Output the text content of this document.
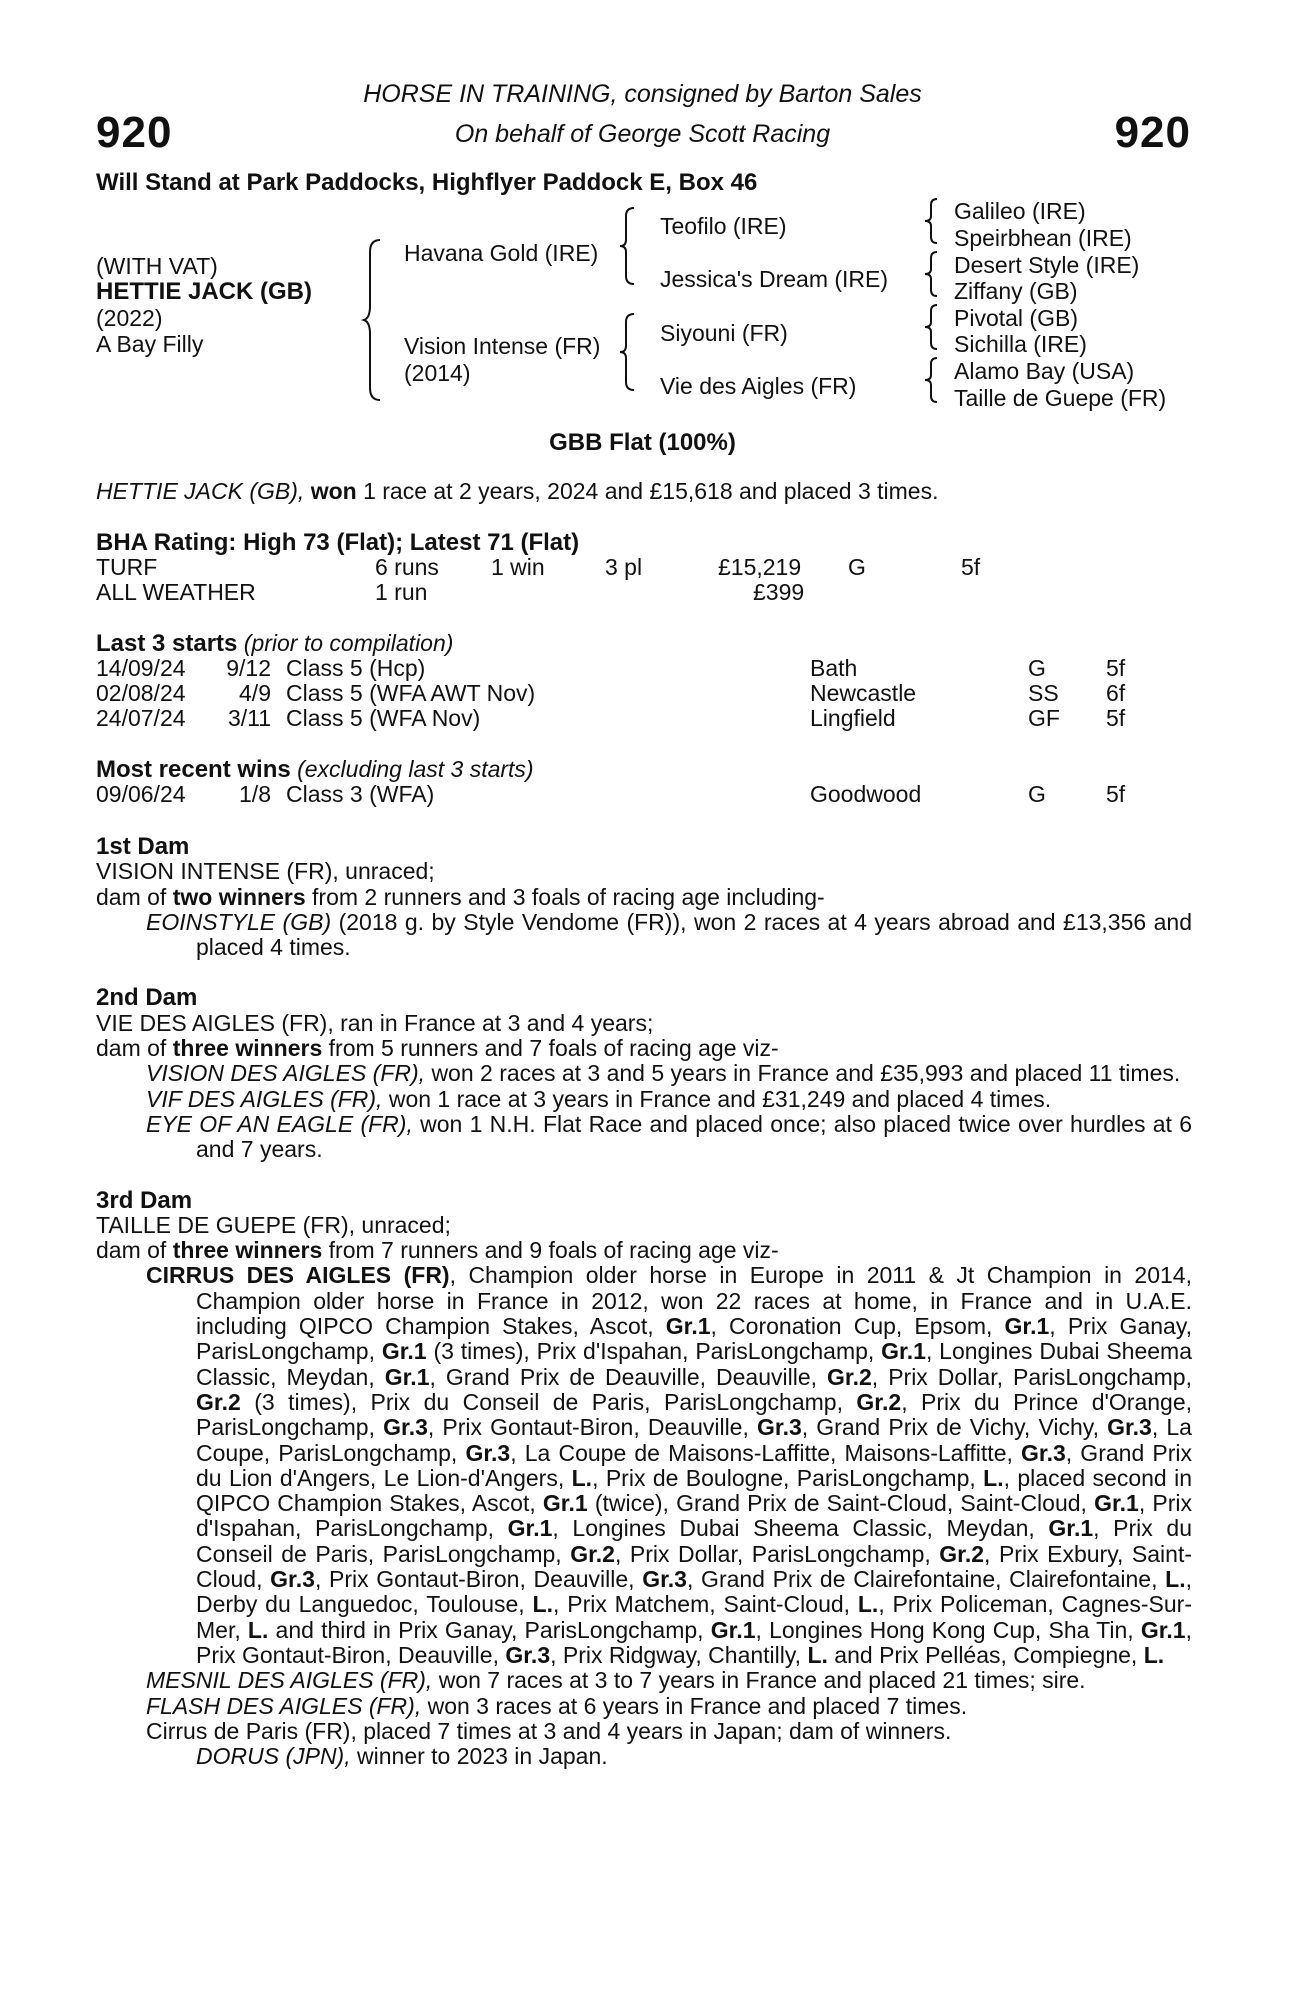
920	920
HORSE IN TRAINING, consigned by Barton Sales
On behalf of George Scott Racing
Will Stand at Park Paddocks, Highflyer Paddock E, Box 46
(WITH VAT)
HETTIE JACK (GB)
(2022)
A Bay Filly
Havana Gold (IRE)
Vision Intense (FR)
(2014)
Teofilo (IRE)
Jessica's Dream (IRE)
Siyouni (FR)
Vie des Aigles (FR)
Galileo (IRE)
Speirbhean (IRE)
Desert Style (IRE)
Ziffany (GB)
Pivotal (GB)
Sichilla (IRE)
Alamo Bay (USA)
Taille de Guepe (FR)
GBB Flat (100%)
HETTIE JACK (GB), won 1 race at 2 years, 2024 and £15,618 and placed 3 times.
BHA Rating: High 73 (Flat); Latest 71 (Flat)
TURF	6 runs 1 win	3 pl	£15,219 G	5f
ALL WEATHER	1 run	£399
Last 3 starts (prior to compilation)
14/09/24	9/12 Class 5 (Hcp)	Bath	G	5f
02/08/24	4/9 Class 5 (WFA AWT Nov)	Newcastle	SS 6f
24/07/24	3/11 Class 5 (WFA Nov)	Lingfield	GF 5f
Most recent wins (excluding last 3 starts)
09/06/24	1/8 Class 3 (WFA)	Goodwood	G	5f

1st Dam

VISION INTENSE (FR), unraced;

dam of two winners from 2 runners and 3 foals of racing age including-

EOINSTYLE (GB) (2018 g. by Style Vendome (FR)), won 2 races at 4 years abroad and £13,356 and placed 4 times.

2nd Dam

VIE DES AIGLES (FR), ran in France at 3 and 4 years;

dam of three winners from 5 runners and 7 foals of racing age viz-

VISION DES AIGLES (FR), won 2 races at 3 and 5 years in France and £35,993 and placed 11 times.

VIF DES AIGLES (FR), won 1 race at 3 years in France and £31,249 and placed 4 times.

EYE OF AN EAGLE (FR), won 1 N.H. Flat Race and placed once; also placed twice over hurdles at 6 and 7 years.

3rd Dam

TAILLE DE GUEPE (FR), unraced;

dam of three winners from 7 runners and 9 foals of racing age viz-

CIRRUS DES AIGLES (FR), Champion older horse in Europe in 2011 & Jt Champion in 2014, Champion older horse in France in 2012, won 22 races at home, in France and in U.A.E. including QIPCO Champion Stakes, Ascot, Gr.1, Coronation Cup, Epsom, Gr.1, Prix Ganay, ParisLongchamp, Gr.1 (3 times), Prix d'Ispahan, ParisLongchamp, Gr.1, Longines Dubai Sheema Classic, Meydan, Gr.1, Grand Prix de Deauville, Deauville, Gr.2, Prix Dollar, ParisLongchamp, Gr.2 (3 times), Prix du Conseil de Paris, ParisLongchamp, Gr.2, Prix du Prince d'Orange, ParisLongchamp, Gr.3, Prix Gontaut-Biron, Deauville, Gr.3, Grand Prix de Vichy, Vichy, Gr.3, La Coupe, ParisLongchamp, Gr.3, La Coupe de Maisons-Laffitte, Maisons-Laffitte, Gr.3, Grand Prix du Lion d'Angers, Le Lion-d'Angers, L., Prix de Boulogne, ParisLongchamp, L., placed second in QIPCO Champion Stakes, Ascot, Gr.1 (twice), Grand Prix de Saint-Cloud, Saint-Cloud, Gr.1, Prix d'Ispahan, ParisLongchamp, Gr.1, Longines Dubai Sheema Classic, Meydan, Gr.1, Prix du Conseil de Paris, ParisLongchamp, Gr.2, Prix Dollar, ParisLongchamp, Gr.2, Prix Exbury, Saint-Cloud, Gr.3, Prix Gontaut-Biron, Deauville, Gr.3, Grand Prix de Clairefontaine, Clairefontaine, L., Derby du Languedoc, Toulouse, L., Prix Matchem, Saint-Cloud, L., Prix Policeman, Cagnes-Sur-Mer, L. and third in Prix Ganay, ParisLongchamp, Gr.1, Longines Hong Kong Cup, Sha Tin, Gr.1, Prix Gontaut-Biron, Deauville, Gr.3, Prix Ridgway, Chantilly, L. and Prix Pelléas, Compiegne, L.

MESNIL DES AIGLES (FR), won 7 races at 3 to 7 years in France and placed 21 times; sire.

FLASH DES AIGLES (FR), won 3 races at 6 years in France and placed 7 times.

Cirrus de Paris (FR), placed 7 times at 3 and 4 years in Japan; dam of winners.

DORUS (JPN), winner to 2023 in Japan.
